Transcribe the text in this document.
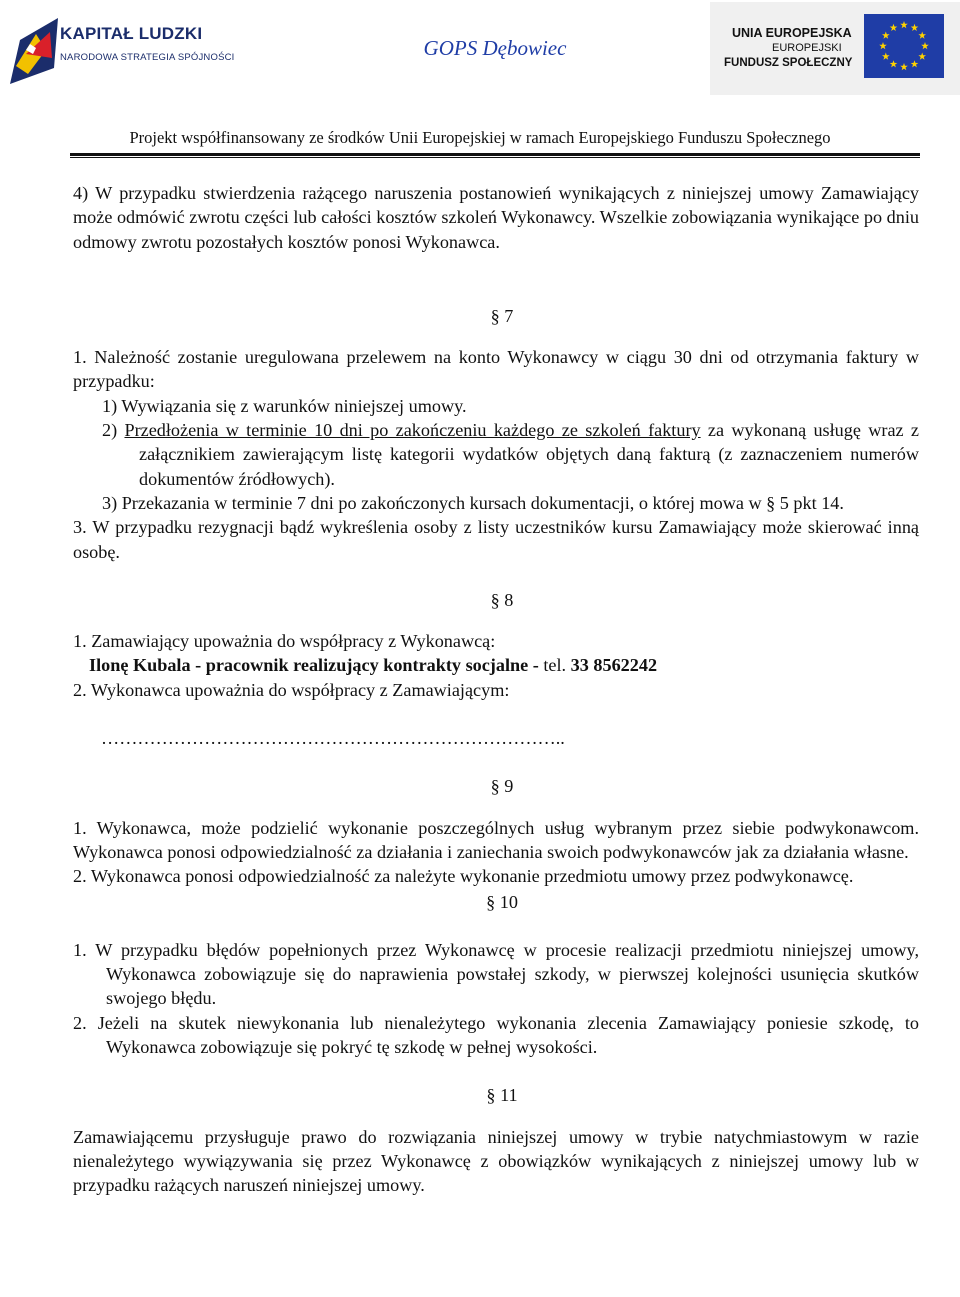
KAPITAŁ LUDZKI
NARODOWA STRATEGIA SPÓJNOŚCI	GOPS Dębowiec
UNIA EUROPEJSKA
EUROPEJSKI
FUNDUSZ SPOŁECZNY
Projekt współfinansowany ze środków Unii Europejskiej w ramach Europejskiego Funduszu Społecznego

4) W przypadku stwierdzenia rażącego naruszenia postanowień wynikających z niniejszej umowy Zamawiający może odmówić zwrotu części lub całości kosztów szkoleń Wykonawcy. Wszelkie zobowiązania wynikające po dniu odmowy zwrotu pozostałych kosztów ponosi Wykonawca.

§ 7

1. Należność zostanie uregulowana przelewem na konto Wykonawcy w ciągu 30 dni od otrzymania faktury w przypadku:

1) Wywiązania się z warunków niniejszej umowy.

2) Przedłożenia w terminie 10 dni po zakończeniu każdego ze szkoleń faktury za wykonaną usługę wraz z załącznikiem zawierającym listę kategorii wydatków objętych daną fakturą (z zaznaczeniem numerów dokumentów źródłowych).

3) Przekazania w terminie 7 dni po zakończonych kursach dokumentacji, o której mowa w § 5 pkt 14.

3. W przypadku rezygnacji bądź wykreślenia osoby z listy uczestników kursu Zamawiający może skierować inną osobę.

§ 8

1. Zamawiający upoważnia do współpracy z Wykonawcą:

Ilonę Kubala - pracownik realizujący kontrakty socjalne - tel. 33 8562242

2. Wykonawca upoważnia do współpracy z Zamawiającym:

…………………………………………………………………..

§ 9

1. Wykonawca, może podzielić wykonanie poszczególnych usług wybranym przez siebie podwykonawcom. Wykonawca ponosi odpowiedzialność za działania i zaniechania swoich podwykonawców jak za działania własne.

2. Wykonawca ponosi odpowiedzialność za należyte wykonanie przedmiotu umowy przez podwykonawcę.

§ 10

1. W przypadku błędów popełnionych przez Wykonawcę w procesie realizacji przedmiotu niniejszej umowy, Wykonawca zobowiązuje się do naprawienia powstałej szkody, w pierwszej kolejności usunięcia skutków swojego błędu.

2. Jeżeli na skutek niewykonania lub nienależytego wykonania zlecenia Zamawiający poniesie szkodę, to Wykonawca zobowiązuje się pokryć tę szkodę w pełnej wysokości.

§ 11

Zamawiającemu przysługuje prawo do rozwiązania niniejszej umowy w trybie natychmiastowym w razie nienależytego wywiązywania się przez Wykonawcę z obowiązków wynikających z niniejszej umowy lub w przypadku rażących naruszeń niniejszej umowy.
